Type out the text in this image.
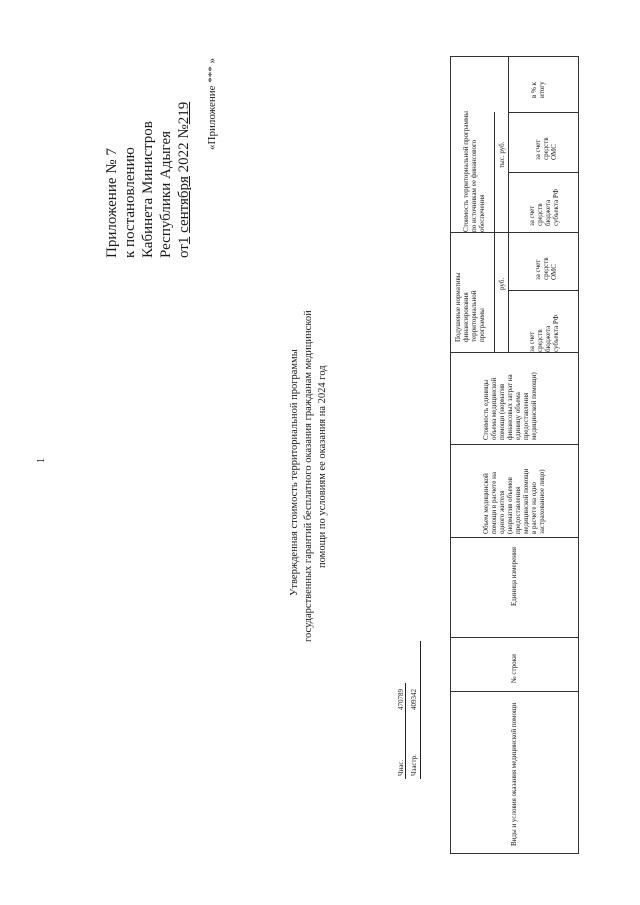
1
Приложение № 7 к постановлению Кабинета Министров Республики Адыгея от1 сентября 2022 №219 «Приложение *** »
Утвержденная стоимость территориальной программы государственных гарантий бесплатного оказания гражданам медицинской помощи по условиям ее оказания на 2024 год
Чнас.
470789
Чзастр.
409342
Виды и условия оказания медицинской помощи
№ строки
Единица измерения
Объем медицинской помощи в расчете на одного жителя (норматив объемов предоставления медицинской помощи в расчете на одно застрахованное лицо)
Стоимость единицы объема медицинской помощи (норматив финансовых затрат на единицу объема предоставления медицинской помощи)
Подушевые нормативы финансирования территориальной программы
руб.
за счет средств бюджета субъекта РФ
за счет средств ОМС
Стоимость территориальной программы по источникам ее финансового обеспечения
тыс. руб.
за счет средств бюджета субъекта РФ
за счет средств ОМС
в % к итогу
